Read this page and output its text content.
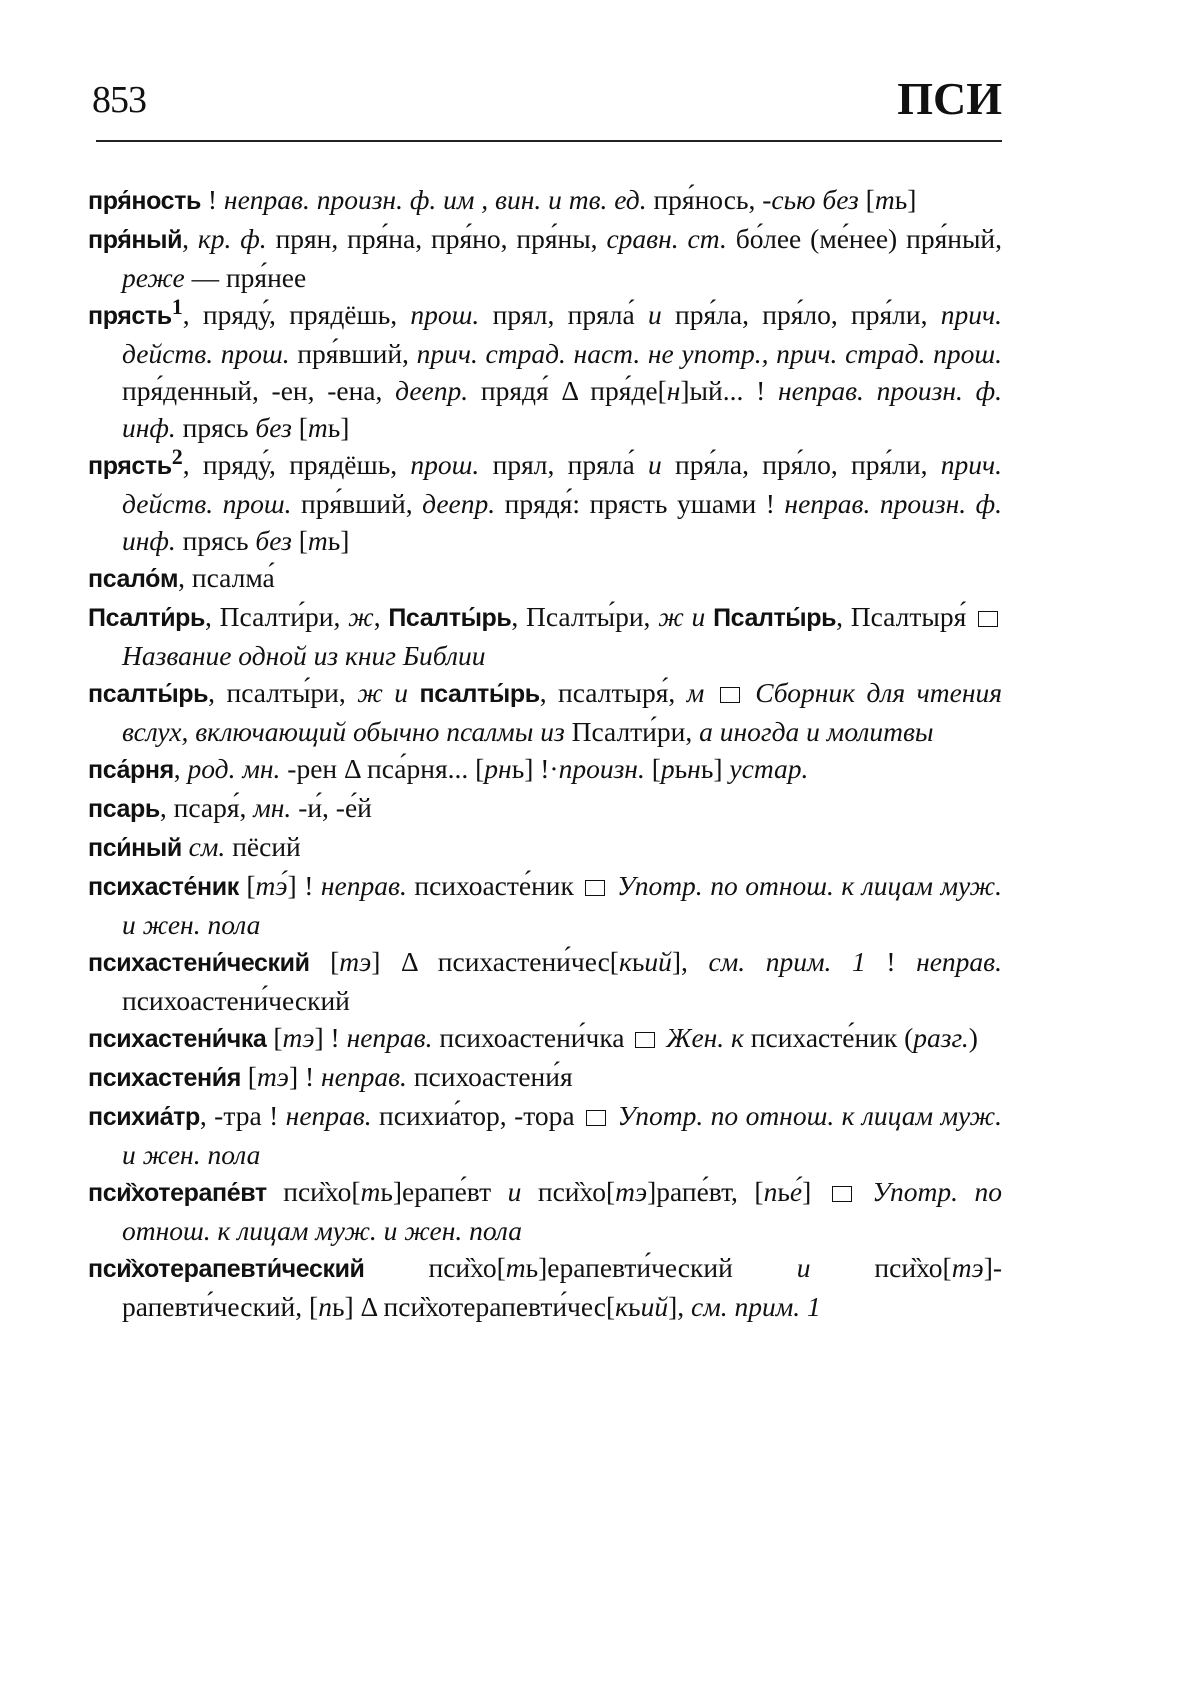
853	ПСИ

пря́ность ! неправ. произн. ф. им , вин. и тв. ед. пря́нось, -сью без [ть]

пря́ный, кр. ф. прян, пря́на, пря́но, пря́ны, сравн. ст. бо́лее (ме́нее) пря́ный, реже — пря́нее

прясть$^1$, пряду́, прядёшь, прош. прял, пряла́ и пря́ла, пря́ло, пря́ли, прич. действ. прош. пря́вший, прич. страд. наст. не употр., прич. страд. прош. пря́денный, -ен, -ена, деепр. прядя́ Δ пря́де[н]ый... ! неправ. произн. ф. инф. прясь без [ть]

прясть$^2$, пряду́, прядёшь, прош. прял, пряла́ и пря́ла, пря́ло, пря́ли, прич. действ. прош. пря́вший, деепр. прядя́: прясть ушами ! неправ. произн. ф. инф. прясь без [ть]

псало́м, псалма́

Псалти́рь, Псалти́ри, ж, Псалты́рь, Псалты́ри, ж и Псалты́рь, Псалтыря́  Название одной из книг Библии

псалты́рь, псалты́ри, ж и псалты́рь, псалтыря́, м Сборник для чтения вслух, включающий обычно псалмы из Псалти́ри, а иногда и молитвы

пса́рня, род. мн. -рен Δ пса́рня... [рнь] !·произн. [рьнь] устар.

псарь, псаря́, мн. -и́, -е́й

пси́ный см. пёсий

психасте́ник [тэ́] ! неправ. психоасте́ник  Употр. по отнош. к лицам муж. и жен. пола

психастени́ческий [тэ] Δ психастени́чес[кьий], см. прим. 1 ! неправ. психоастени́ческий

психастени́чка [тэ] ! неправ. психоастени́чка  Жен. к психасте́ник (разг.)

психастени́я [тэ] ! неправ. психоастени́я

психиа́тр, -тра ! неправ. психиа́тор, -тора  Употр. по отнош. к лицам муж. и жен. пола

пси̏хотерапе́вт пси̏хо[ть]ерапе́вт и пси̏хо[тэ]рапе́вт, [пье́]  Употр. по отнош. к лицам муж. и жен. пола

пси̏хотерапевти́ческий пси̏хо[ть]ерапевти́ческий и пси̏хо[тэ]-рапевти́ческий, [пь] Δ пси̏хотерапевти́чес[кьий], см. прим. 1
